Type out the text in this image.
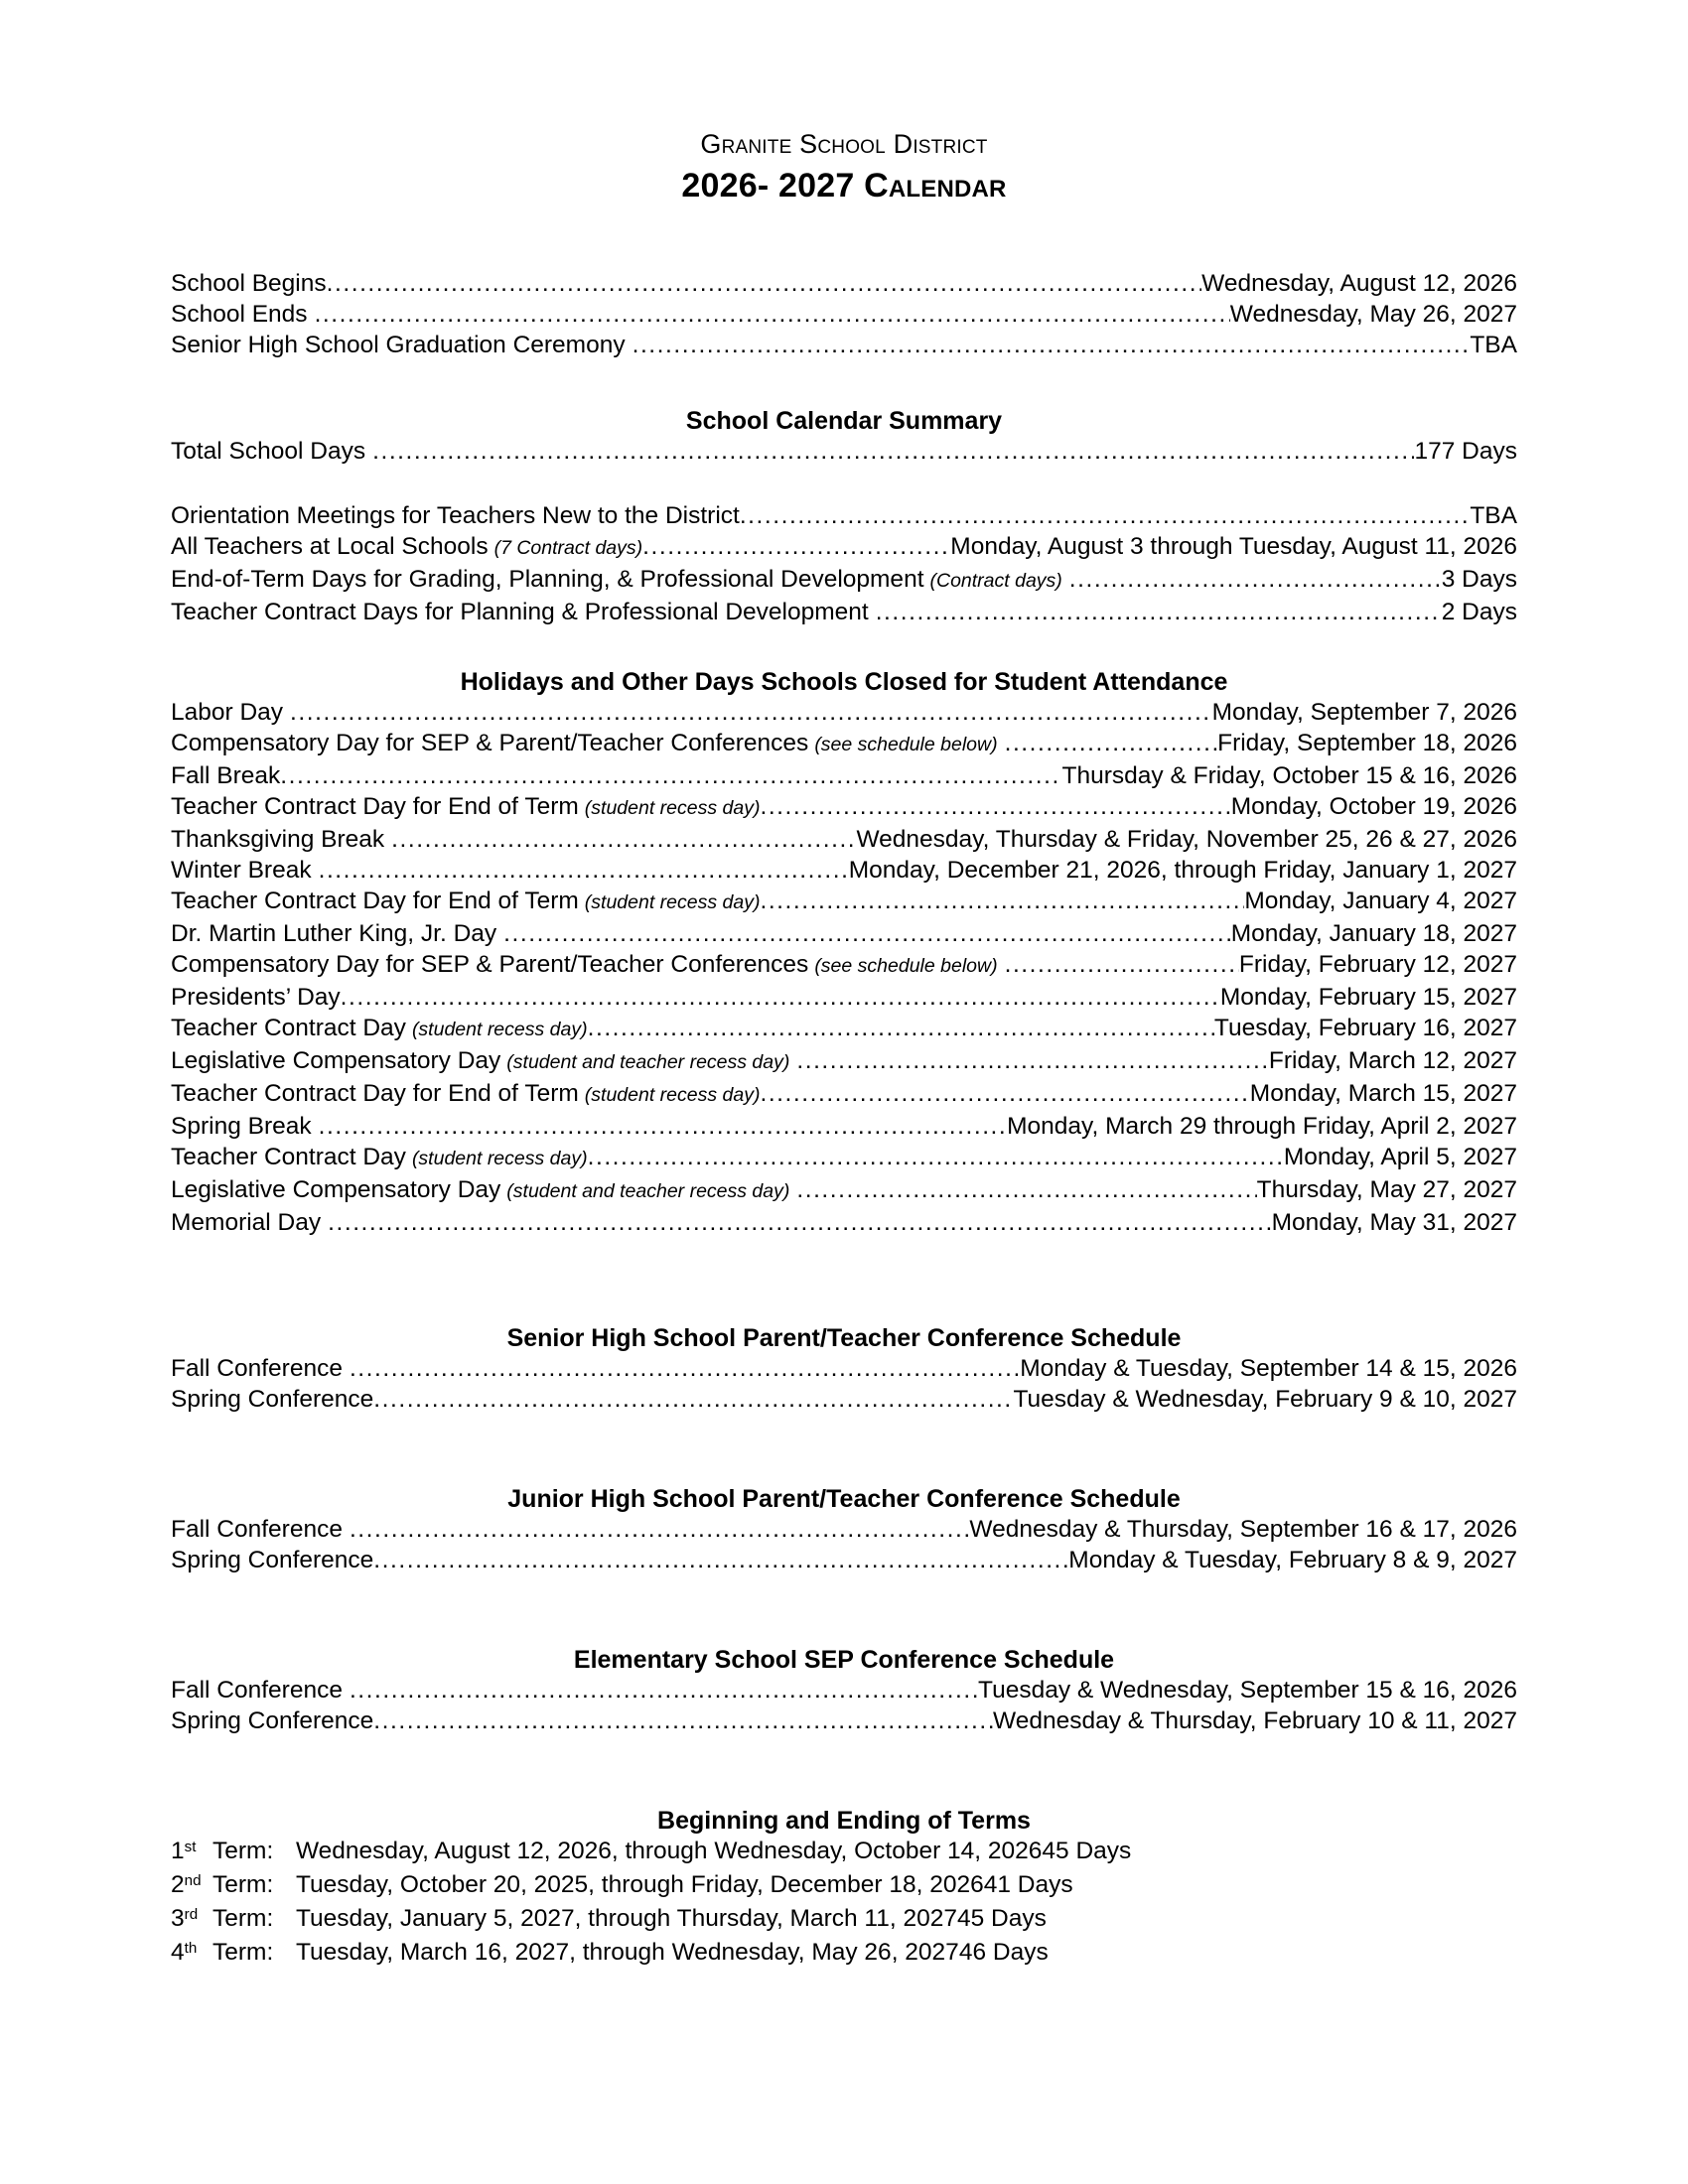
Granite School District
2026- 2027 Calendar
School Begins .....	Wednesday, August 12, 2026
School Ends .....	Wednesday, May 26, 2027
Senior High School Graduation Ceremony .....	TBA
School Calendar Summary
Total School Days .....	177 Days
Orientation Meetings for Teachers New to the District .....	TBA
All Teachers at Local Schools (7 Contract days) .....	Monday, August 3 through Tuesday, August 11, 2026
End-of-Term Days for Grading, Planning, & Professional Development (Contract days) .....	3 Days
Teacher Contract Days for Planning & Professional Development .....	2 Days
Holidays and Other Days Schools Closed for Student Attendance
Labor Day .....	Monday, September 7, 2026
Compensatory Day for SEP & Parent/Teacher Conferences (see schedule below) .....	Friday, September 18, 2026
Fall Break .....	Thursday & Friday, October 15 & 16, 2026
Teacher Contract Day for End of Term (student recess day) .....	Monday, October 19, 2026
Thanksgiving Break .....	Wednesday, Thursday & Friday, November 25, 26 & 27, 2026
Winter Break .....	Monday, December 21, 2026, through Friday, January 1, 2027
Teacher Contract Day for End of Term (student recess day) .....	Monday, January 4, 2027
Dr. Martin Luther King, Jr. Day .....	Monday, January 18, 2027
Compensatory Day for SEP & Parent/Teacher Conferences (see schedule below) .....	Friday, February 12, 2027
Presidents’ Day .....	Monday, February 15, 2027
Teacher Contract Day (student recess day) .....	Tuesday, February 16, 2027
Legislative Compensatory Day (student and teacher recess day) .....	Friday, March 12, 2027
Teacher Contract Day for End of Term (student recess day) .....	Monday, March 15, 2027
Spring Break .....	Monday, March 29 through Friday, April 2, 2027
Teacher Contract Day (student recess day) .....	Monday, April 5, 2027
Legislative Compensatory Day (student and teacher recess day) .....	Thursday, May 27, 2027
Memorial Day .....	Monday, May 31, 2027
Senior High School Parent/Teacher Conference Schedule
Fall Conference .....	Monday & Tuesday, September 14 & 15, 2026
Spring Conference .....	Tuesday & Wednesday, February 9 & 10, 2027
Junior High School Parent/Teacher Conference Schedule
Fall Conference .....	Wednesday & Thursday, September 16 & 17, 2026
Spring Conference .....	Monday & Tuesday, February 8 & 9, 2027
Elementary School SEP Conference Schedule
Fall Conference .....	Tuesday & Wednesday, September 15 & 16, 2026
Spring Conference .....	Wednesday & Thursday, February 10 & 11, 2027
Beginning and Ending of Terms
1st Term: Wednesday, August 12, 2026, through Wednesday, October 14, 2026 45 Days
2nd Term: Tuesday, October 20, 2025, through Friday, December 18, 2026 41 Days
3rd Term: Tuesday, January 5, 2027, through Thursday, March 11, 2027 45 Days
4th Term: Tuesday, March 16, 2027, through Wednesday, May 26, 2027 46 Days
